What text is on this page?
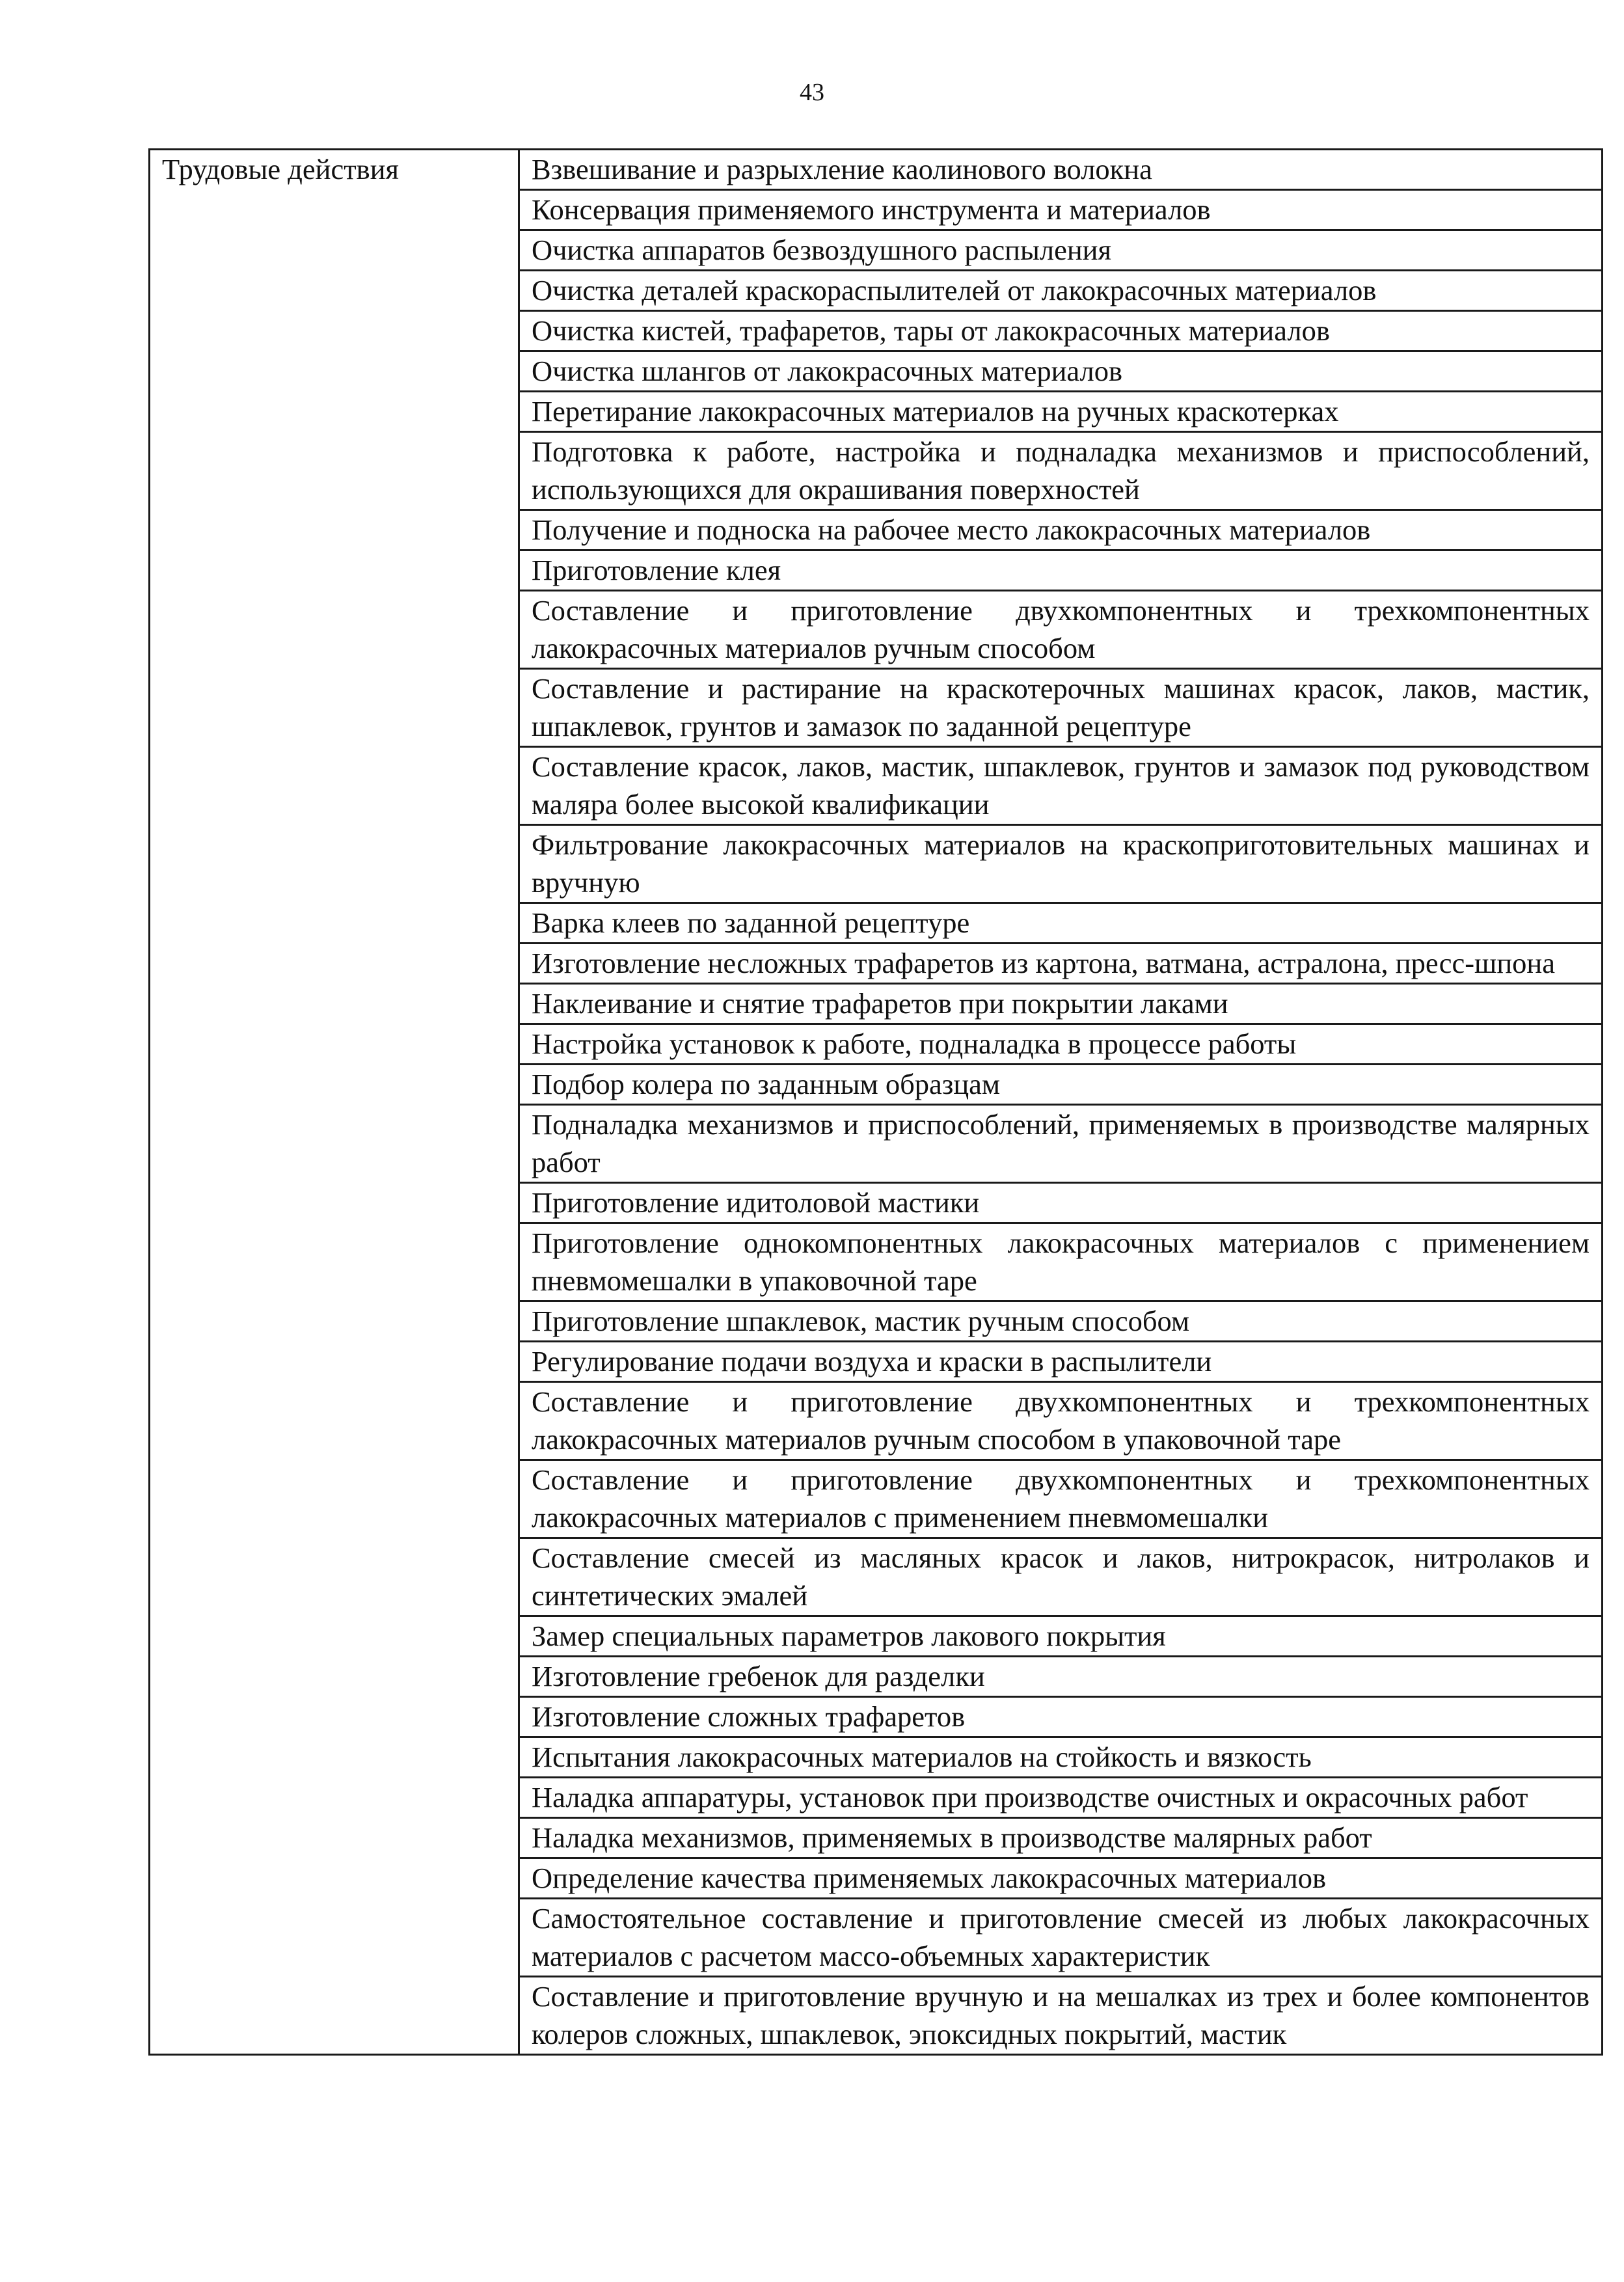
43
Трудовые действия	Взвешивание и разрыхление каолинового волокна
Консервация применяемого инструмента и материалов
Очистка аппаратов безвоздушного распыления
Очистка деталей краскораспылителей от лакокрасочных материалов
Очистка кистей, трафаретов, тары от лакокрасочных материалов
Очистка шлангов от лакокрасочных материалов
Перетирание лакокрасочных материалов на ручных краскотерках
Подготовка к работе, настройка и подналадка механизмов и приспособлений, использующихся для окрашивания поверхностей
Получение и подноска на рабочее место лакокрасочных материалов
Приготовление клея
Составление и приготовление двухкомпонентных и трехкомпонентных лакокрасочных материалов ручным способом
Составление и растирание на краскотерочных машинах красок, лаков, мастик, шпаклевок, грунтов и замазок по заданной рецептуре
Составление красок, лаков, мастик, шпаклевок, грунтов и замазок под руководством маляра более высокой квалификации
Фильтрование лакокрасочных материалов на краскоприготовительных машинах и вручную
Варка клеев по заданной рецептуре
Изготовление несложных трафаретов из картона, ватмана, астралона, пресс-шпона
Наклеивание и снятие трафаретов при покрытии лаками
Настройка установок к работе, подналадка в процессе работы
Подбор колера по заданным образцам
Подналадка механизмов и приспособлений, применяемых в производстве малярных работ
Приготовление идитоловой мастики
Приготовление однокомпонентных лакокрасочных материалов с применением пневмомешалки в упаковочной таре
Приготовление шпаклевок, мастик ручным способом
Регулирование подачи воздуха и краски в распылители
Составление и приготовление двухкомпонентных и трехкомпонентных лакокрасочных материалов ручным способом в упаковочной таре
Составление и приготовление двухкомпонентных и трехкомпонентных лакокрасочных материалов с применением пневмомешалки
Составление смесей из масляных красок и лаков, нитрокрасок, нитролаков и синтетических эмалей
Замер специальных параметров лакового покрытия
Изготовление гребенок для разделки
Изготовление сложных трафаретов
Испытания лакокрасочных материалов на стойкость и вязкость
Наладка аппаратуры, установок при производстве очистных и окрасочных работ
Наладка механизмов, применяемых в производстве малярных работ
Определение качества применяемых лакокрасочных материалов
Самостоятельное составление и приготовление смесей из любых лакокрасочных материалов с расчетом массо-объемных характеристик
Составление и приготовление вручную и на мешалках из трех и более компонентов колеров сложных, шпаклевок, эпоксидных покрытий, мастик
